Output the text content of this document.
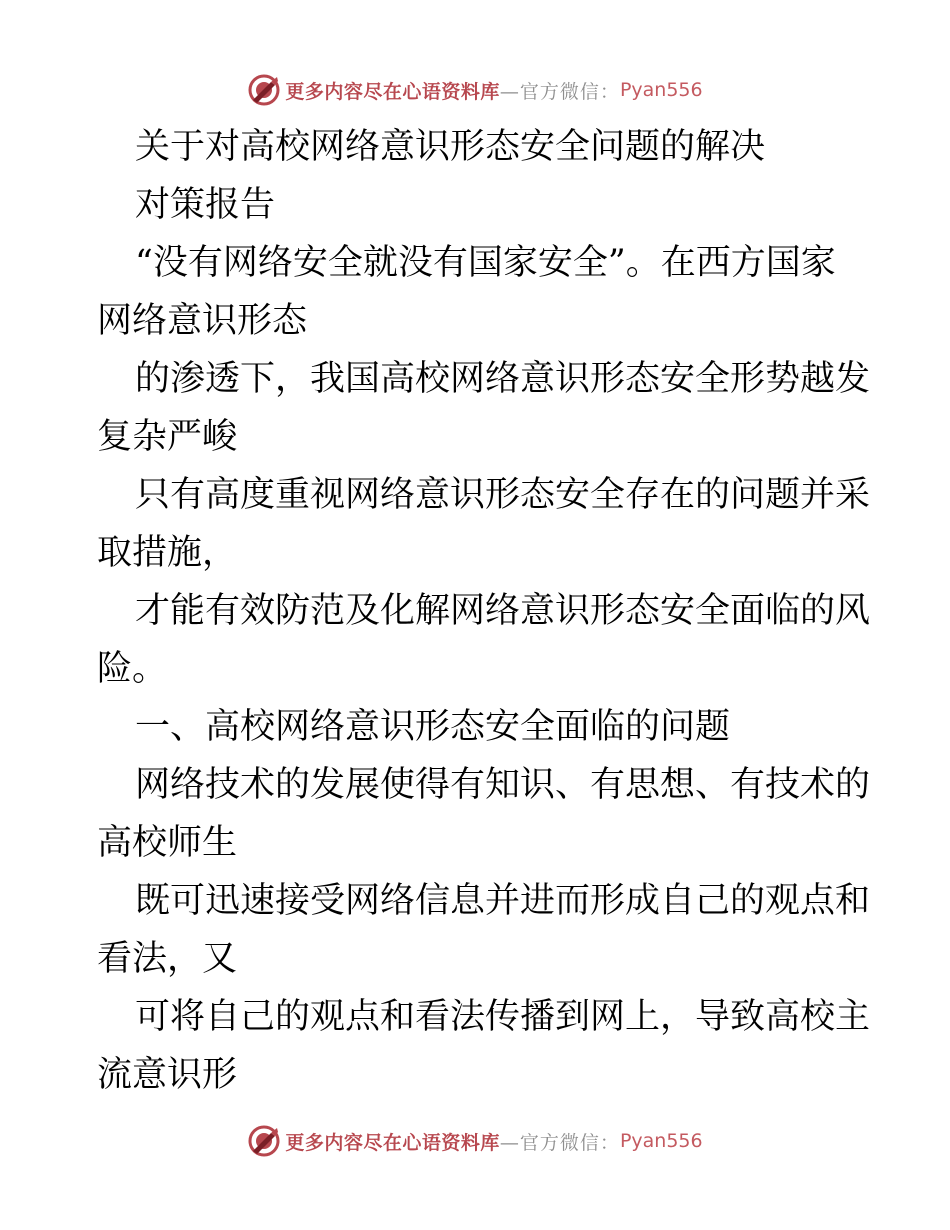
更多内容尽在心语资料库 —官方微信： Pyan556

关于对高校网络意识形态安全问题的解决

对策报告

“没有网络安全就没有国家安全”。在西方国家

网络意识形态

的渗透下，我国高校网络意识形态安全形势越发

复杂严峻

只有高度重视网络意识形态安全存在的问题并采

取措施，

才能有效防范及化解网络意识形态安全面临的风

险。

一、高校网络意识形态安全面临的问题

网络技术的发展使得有知识、有思想、有技术的

高校师生

既可迅速接受网络信息并进而形成自己的观点和

看法，又

可将自己的观点和看法传播到网上，导致高校主

流意识形

更多内容尽在心语资料库 —官方微信： Pyan556
